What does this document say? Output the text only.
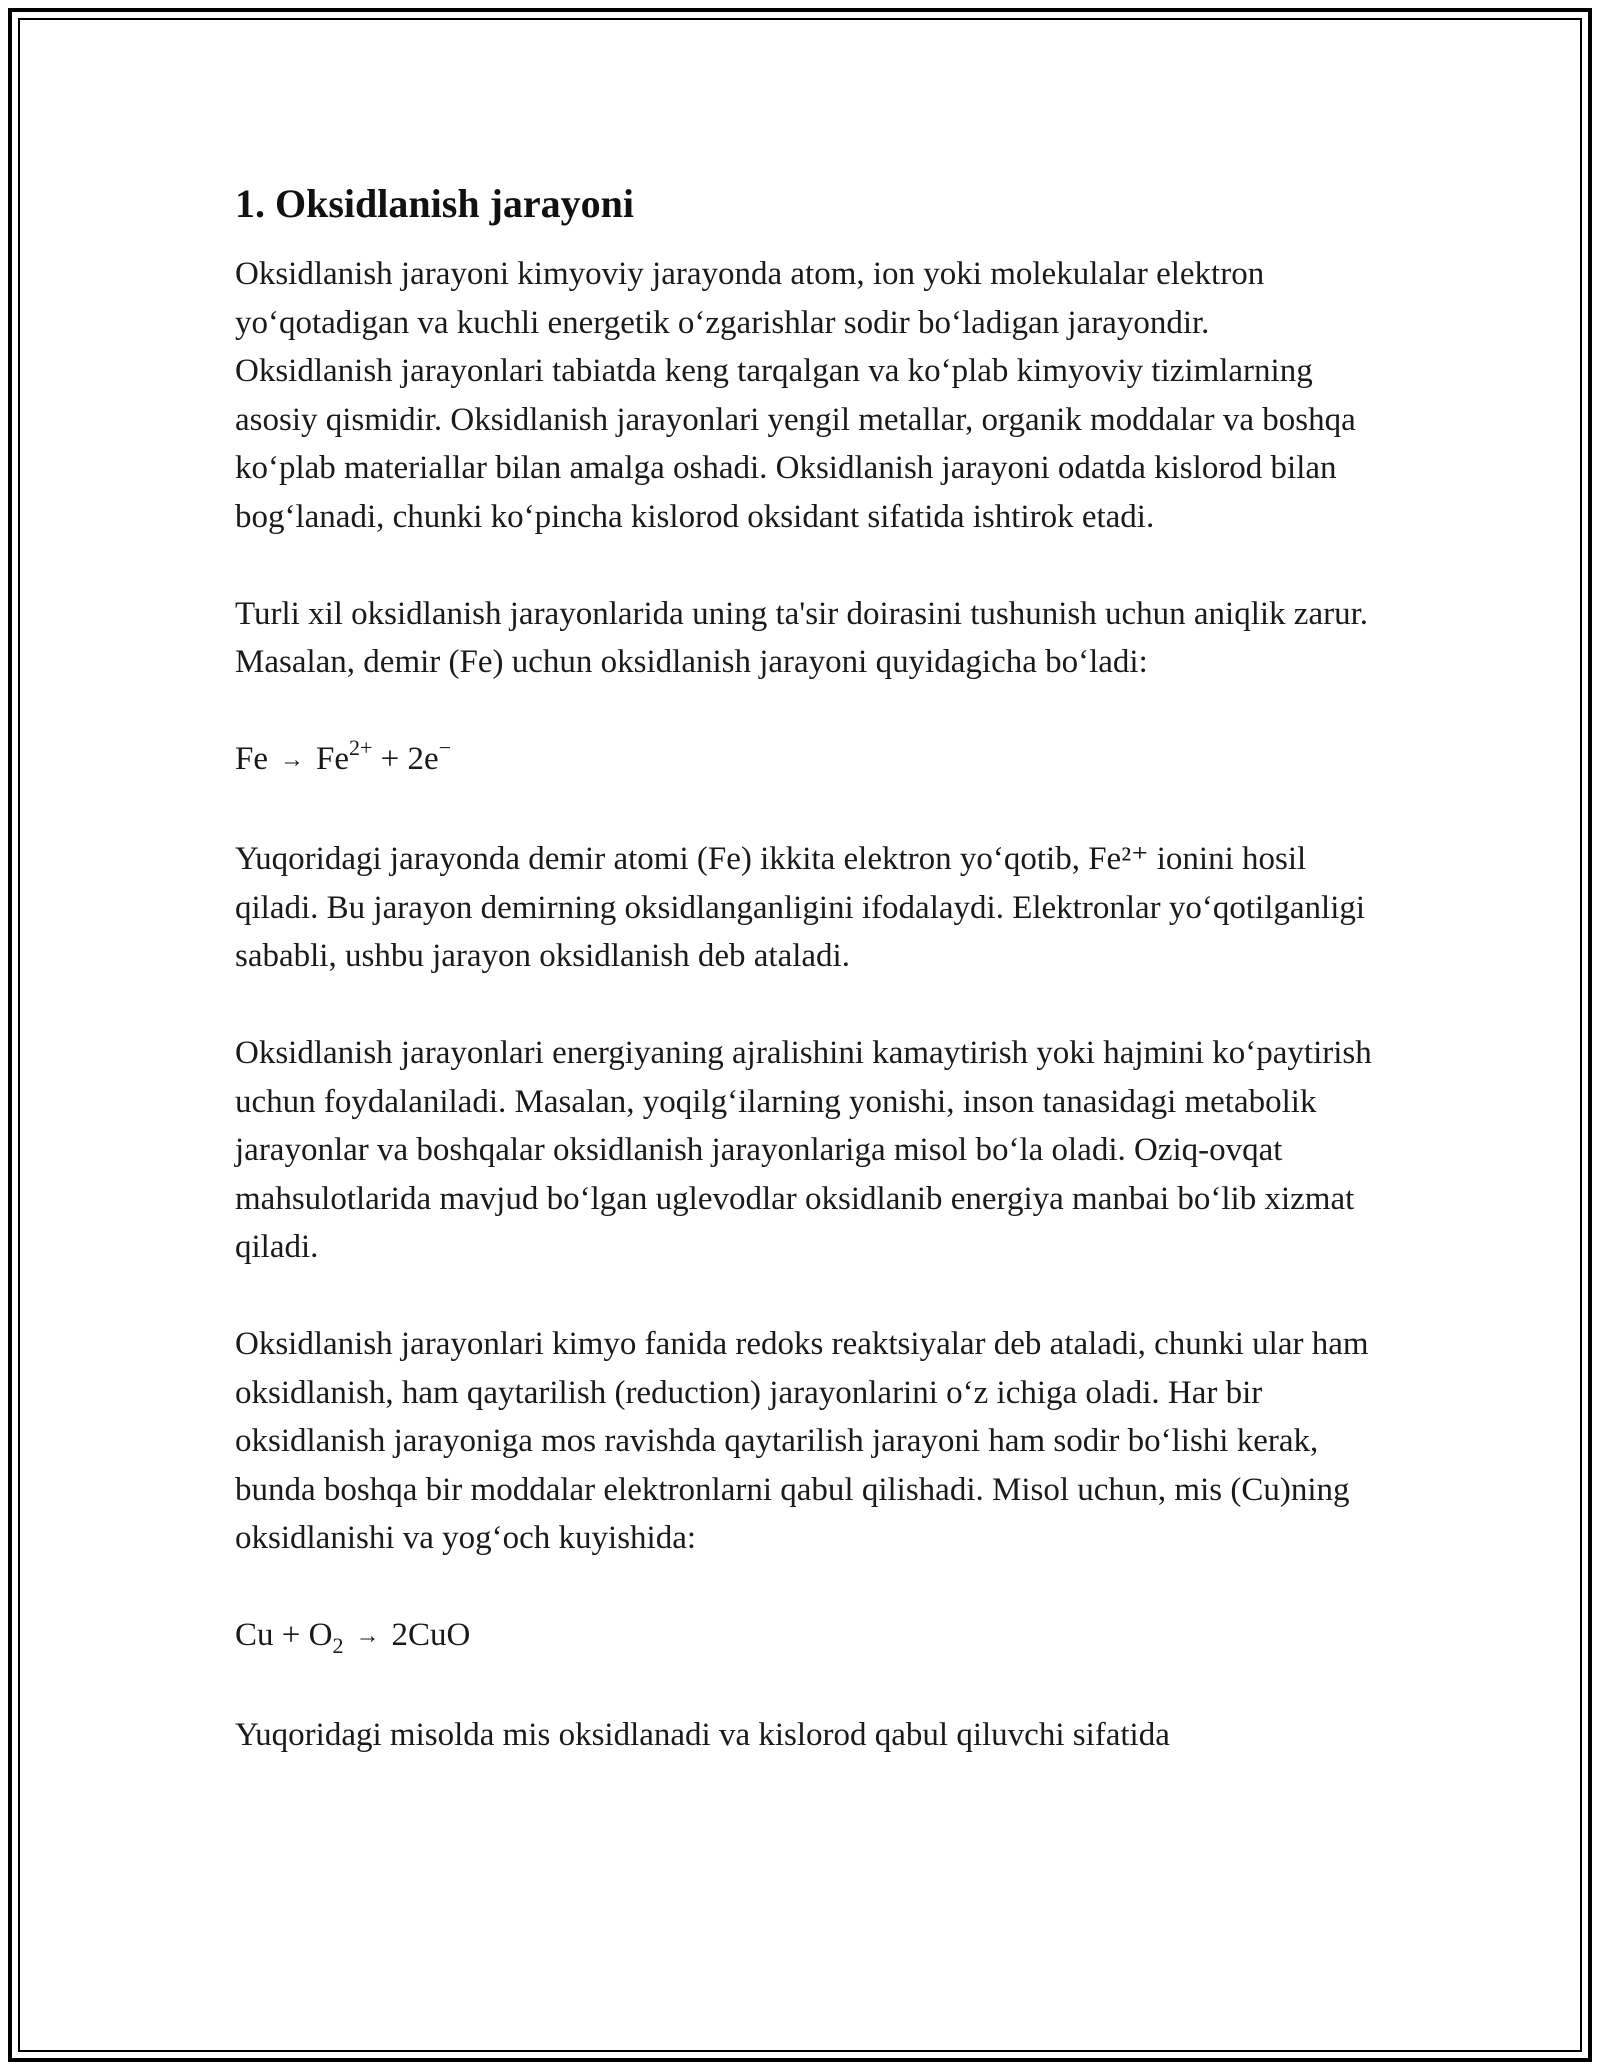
1. Oksidlanish jarayoni

Oksidlanish jarayoni kimyoviy jarayonda atom, ion yoki molekulalar elektron yo‘qotadigan va kuchli energetik o‘zgarishlar sodir bo‘ladigan jarayondir. Oksidlanish jarayonlari tabiatda keng tarqalgan va ko‘plab kimyoviy tizimlarning asosiy qismidir. Oksidlanish jarayonlari yengil metallar, organik moddalar va boshqa ko‘plab materiallar bilan amalga oshadi. Oksidlanish jarayoni odatda kislorod bilan bog‘lanadi, chunki ko‘pincha kislorod oksidant sifatida ishtirok etadi.

Turli xil oksidlanish jarayonlarida uning ta'sir doirasini tushunish uchun aniqlik zarur. Masalan, demir (Fe) uchun oksidlanish jarayoni quyidagicha bo‘ladi:

$Fe \to Fe^{2+} + 2e^-$

Yuqoridagi jarayonda demir atomi (Fe) ikkita elektron yo‘qotib, Fe²⁺ ionini hosil qiladi. Bu jarayon demirning oksidlanganligini ifodalaydi. Elektronlar yo‘qotilganligi sababli, ushbu jarayon oksidlanish deb ataladi.

Oksidlanish jarayonlari energiyaning ajralishini kamaytirish yoki hajmini ko‘paytirish uchun foydalaniladi. Masalan, yoqilg‘ilarning yonishi, inson tanasidagi metabolik jarayonlar va boshqalar oksidlanish jarayonlariga misol bo‘la oladi. Oziq-ovqat mahsulotlarida mavjud bo‘lgan uglevodlar oksidlanib energiya manbai bo‘lib xizmat qiladi.

Oksidlanish jarayonlari kimyo fanida redoks reaktsiyalar deb ataladi, chunki ular ham oksidlanish, ham qaytarilish (reduction) jarayonlarini o‘z ichiga oladi. Har bir oksidlanish jarayoniga mos ravishda qaytarilish jarayoni ham sodir bo‘lishi kerak, bunda boshqa bir moddalar elektronlarni qabul qilishadi. Misol uchun, mis (Cu)ning oksidlanishi va yog‘och kuyishida:

$Cu + O_2 \to 2CuO$

Yuqoridagi misolda mis oksidlanadi va kislorod qabul qiluvchi sifatida
